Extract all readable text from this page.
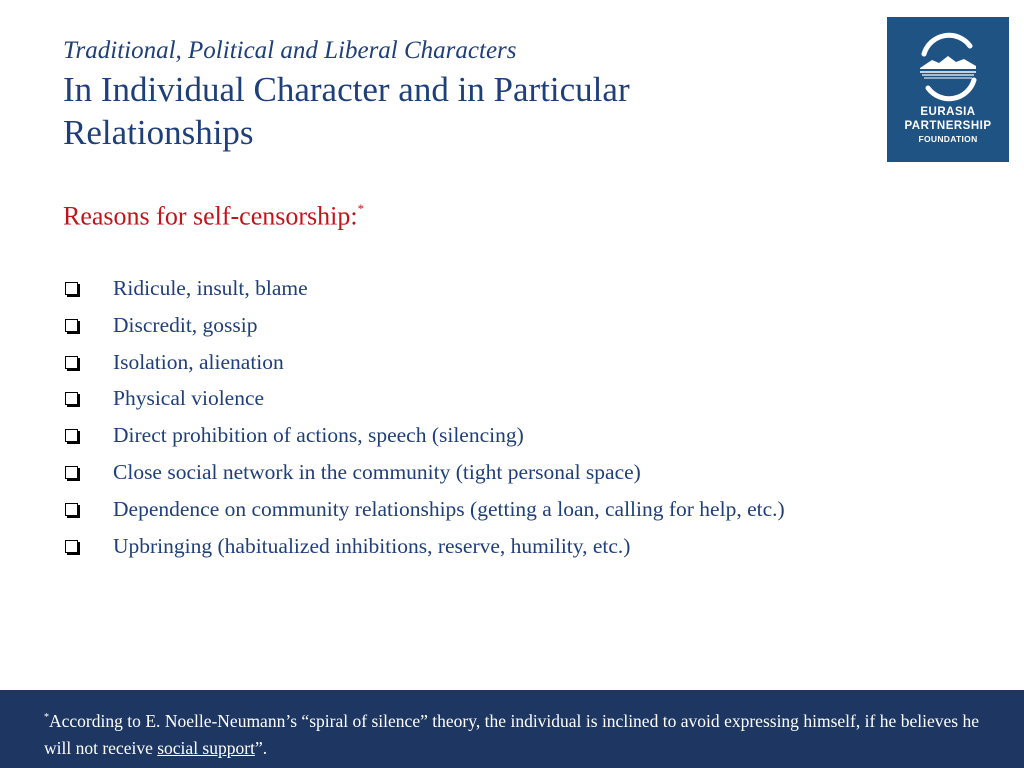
Traditional, Political and Liberal Characters
In Individual Character and in Particular
Relationships
EURASIA
PARTNERSHIP
FOUNDATION
Reasons for self-censorship:*
Ridicule, insult, blame
Discredit, gossip
Isolation, alienation
Physical violence
Direct prohibition of actions, speech (silencing)
Close social network in the community (tight personal space)
Dependence on community relationships (getting a loan, calling for help, etc.)
Upbringing (habitualized inhibitions, reserve, humility, etc.)
*According to E. Noelle-Neumann’s “spiral of silence” theory, the individual is inclined to avoid expressing himself, if he believes he will not receive social support”.
